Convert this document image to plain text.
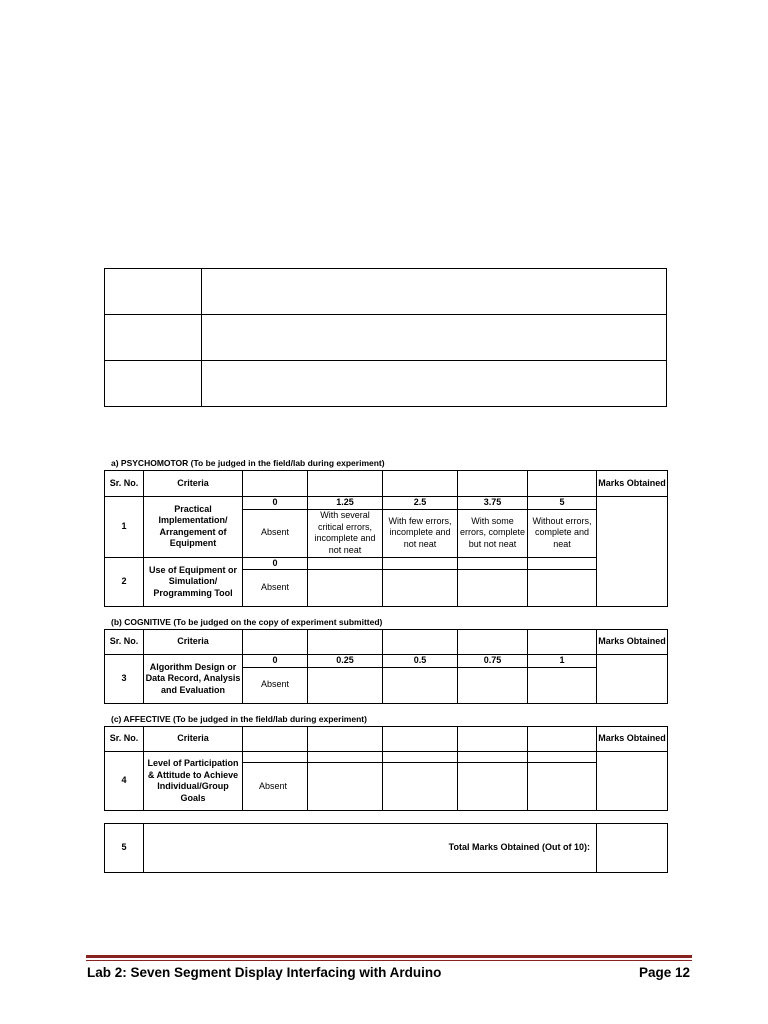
a) PSYCHOMOTOR (To be judged in the field/lab during experiment)
Sr. No.	Criteria						Marks Obtained
1	Practical Implementation/ Arrangement of Equipment	0	1.25	2.5	3.75	5	
		Absent	With several critical errors, incomplete and not neat	With few errors, incomplete and not neat	With some errors, complete but not neat	Without errors, complete and neat	
2	Use of Equipment or Simulation/ Programming Tool	0					
		Absent					
(b) COGNITIVE (To be judged on the copy of experiment submitted)
Sr. No.	Criteria						Marks Obtained
3	Algorithm Design or Data Record, Analysis and Evaluation	0	0.25	0.5	0.75	1	
		Absent					
(c) AFFECTIVE (To be judged in the field/lab during experiment)
Sr. No.	Criteria						Marks Obtained
4	Level of Participation & Attitude to Achieve Individual/Group Goals						
		Absent					
5	Total Marks Obtained (Out of 10):	
Lab 2: Seven Segment Display Interfacing with Arduino	Page 12
